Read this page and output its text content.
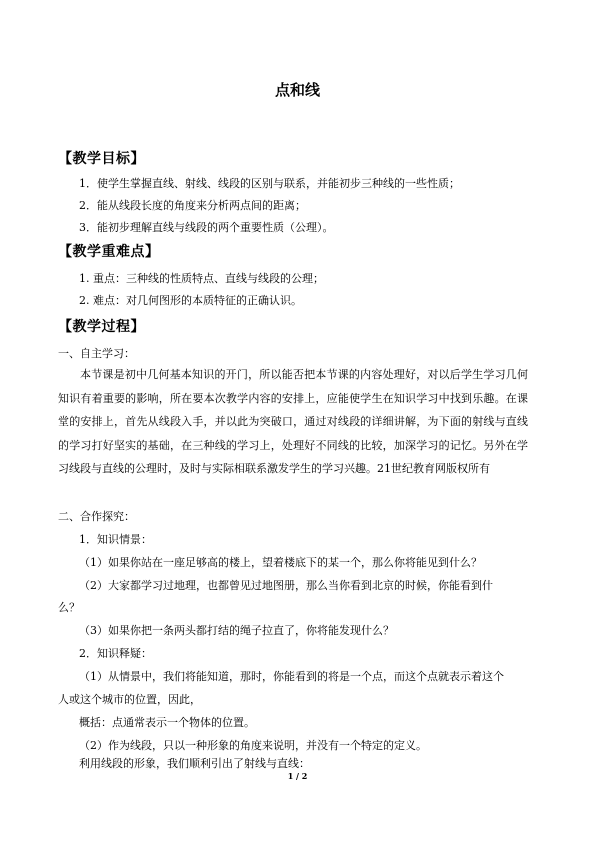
点和线
【教学目标】
1．使学生掌握直线、射线、线段的区别与联系，并能初步三种线的一些性质；
2．能从线段长度的角度来分析两点间的距离；
3．能初步理解直线与线段的两个重要性质（公理）。
【教学重难点】
1. 重点：三种线的性质特点、直线与线段的公理；
2. 难点：对几何图形的本质特征的正确认识。
【教学过程】
一、自主学习：
本节课是初中几何基本知识的开门，所以能否把本节课的内容处理好，对以后学生学习几何知识有着重要的影响，所在要本次教学内容的安排上，应能使学生在知识学习中找到乐趣。在课堂的安排上，首先从线段入手，并以此为突破口，通过对线段的详细讲解，为下面的射线与直线的学习打好坚实的基础，在三种线的学习上，处理好不同线的比较，加深学习的记忆。另外在学习线段与直线的公理时，及时与实际相联系激发学生的学习兴趣。21世纪教育网版权所有
二、合作探究：
1．知识情景：
（1）如果你站在一座足够高的楼上，望着楼底下的某一个，那么你将能见到什么？
（2）大家都学习过地理，也都曾见过地图册，那么当你看到北京的时候，你能看到什
么？
（3）如果你把一条两头都打结的绳子拉直了，你将能发现什么？
2．知识释疑：
（1）从情景中，我们将能知道，那时，你能看到的将是一个点，而这个点就表示着这个
人或这个城市的位置，因此，
概括：点通常表示一个物体的位置。
（2）作为线段，只以一种形象的角度来说明，并没有一个特定的定义。
利用线段的形象，我们顺利引出了射线与直线：
1 / 2
